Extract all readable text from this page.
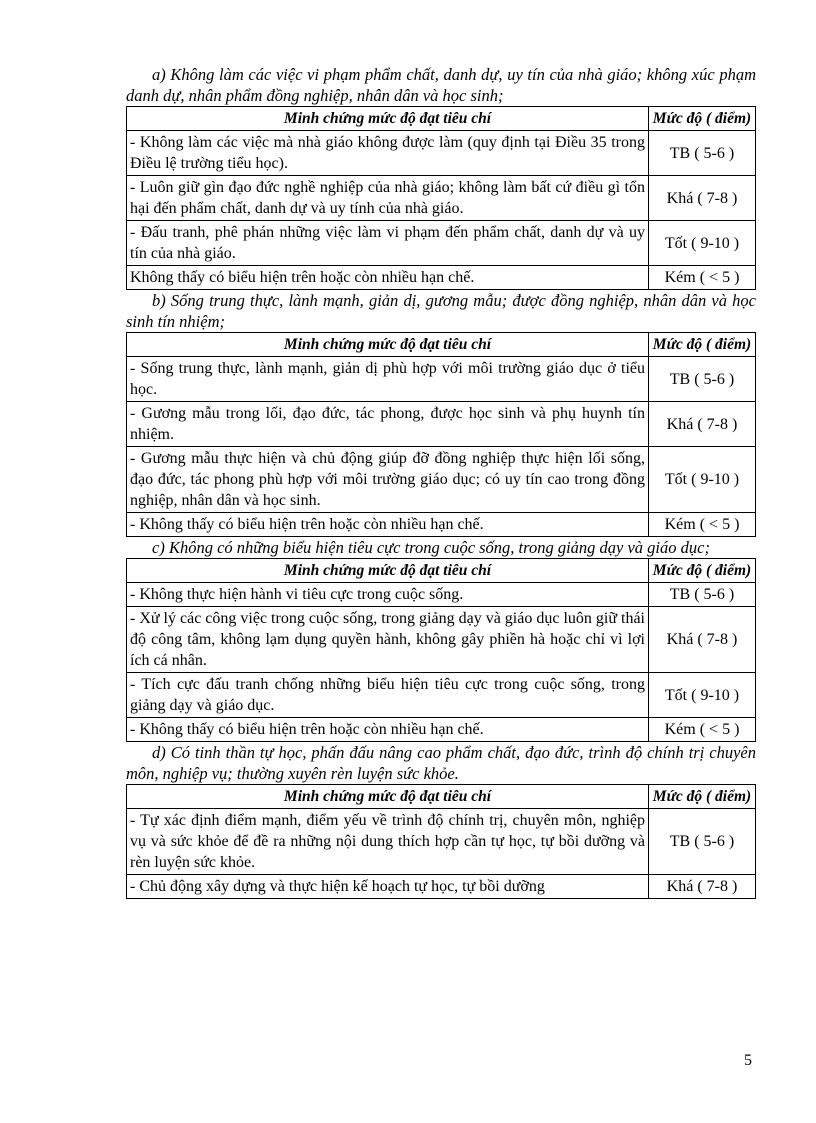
a) Không làm các việc vi phạm phẩm chất, danh dự, uy tín của nhà giáo; không xúc phạm danh dự, nhân phẩm đồng nghiệp, nhân dân và học sinh;

Minh chứng mức độ đạt tiêu chí	Mức độ ( điểm)
- Không làm các việc mà nhà giáo không được làm (quy định tại Điều 35 trong Điều lệ trường tiểu học).	TB ( 5-6 )
- Luôn giữ gìn đạo đức nghề nghiệp của nhà giáo; không làm bất cứ điều gì tổn hại đến phẩm chất, danh dự và uy tính của nhà giáo.	Khá ( 7-8 )
- Đấu tranh, phê phán những việc làm vi phạm đến phẩm chất, danh dự và uy tín của nhà giáo.	Tốt ( 9-10 )
Không thấy có biểu hiện trên hoặc còn nhiều hạn chế.	Kém ( < 5 )

b) Sống trung thực, lành mạnh, giản dị, gương mẫu; được đồng nghiệp, nhân dân và học sinh tín nhiệm;

Minh chứng mức độ đạt tiêu chí	Mức độ ( điểm)
- Sống trung thực, lành mạnh, giản dị phù hợp với môi trường giáo dục ở tiểu học.	TB ( 5-6 )
- Gương mẫu trong lối, đạo đức, tác phong, được học sinh và phụ huynh tín nhiệm.	Khá ( 7-8 )
- Gương mẫu thực hiện và chủ động giúp đỡ đồng nghiệp thực hiện lối sống, đạo đức, tác phong phù hợp với môi trường giáo dục; có uy tín cao trong đồng nghiệp, nhân dân và học sinh.	Tốt ( 9-10 )
- Không thấy có biểu hiện trên hoặc còn nhiều hạn chế.	Kém ( < 5 )

c) Không có những biểu hiện tiêu cực trong cuộc sống, trong giảng dạy và giáo dục;

Minh chứng mức độ đạt tiêu chí	Mức độ ( điểm)
- Không thực hiện hành vi tiêu cực trong cuộc sống.	TB ( 5-6 )
- Xử lý các công việc trong cuộc sống, trong giảng dạy và giáo dục luôn giữ thái độ công tâm, không lạm dụng quyền hành, không gây phiền hà hoặc chỉ vì lợi ích cá nhân.	Khá ( 7-8 )
- Tích cực đấu tranh chống những biểu hiện tiêu cực trong cuộc sống, trong giảng dạy và giáo dục.	Tốt ( 9-10 )
- Không thấy có biểu hiện trên hoặc còn nhiều hạn chế.	Kém ( < 5 )

d) Có tinh thần tự học, phấn đấu nâng cao phẩm chất, đạo đức, trình độ chính trị chuyên môn, nghiệp vụ; thường xuyên rèn luyện sức khỏe.

Minh chứng mức độ đạt tiêu chí	Mức độ ( điểm)
- Tự xác định điểm mạnh, điểm yếu về trình độ chính trị, chuyên môn, nghiệp vụ và sức khỏe để đề ra những nội dung thích hợp cần tự học, tự bồi dưỡng và rèn luyện sức khỏe.	TB ( 5-6 )
- Chủ động xây dựng và thực hiện kế hoạch tự học, tự bồi dưỡng	Khá ( 7-8 )
5
